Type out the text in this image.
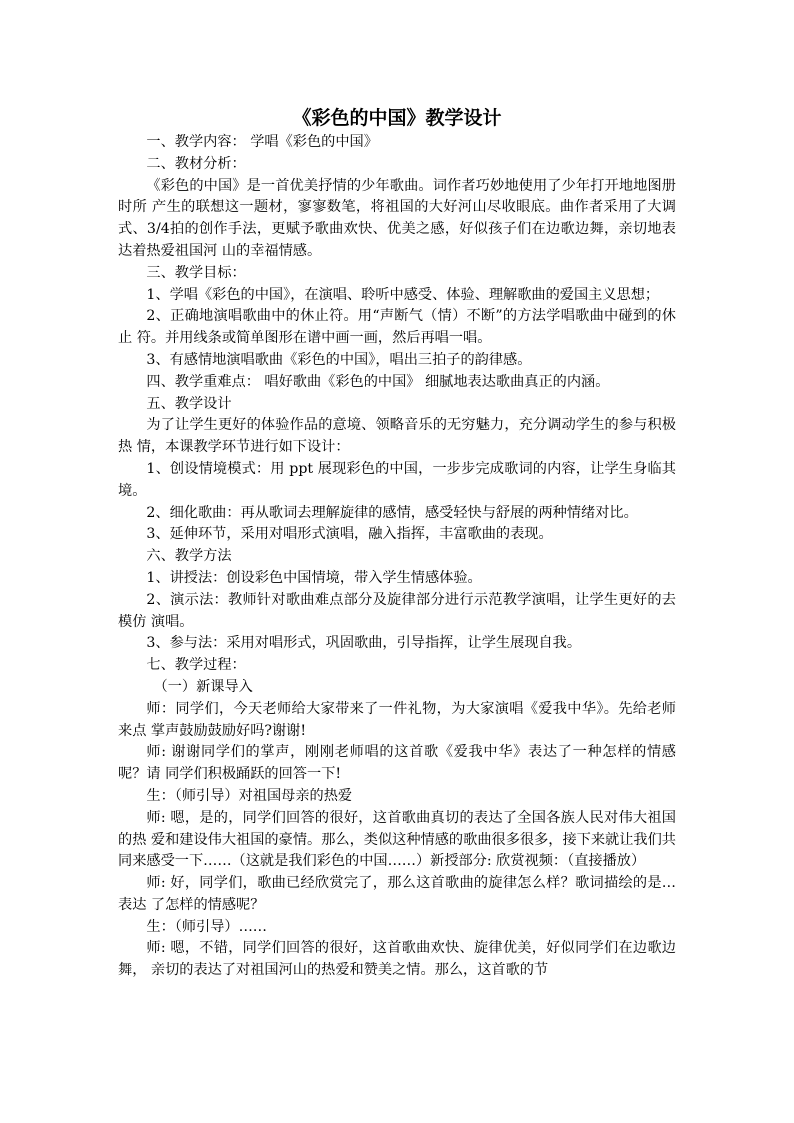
《彩色的中国》教学设计

一、教学内容： 学唱《彩色的中国》

二、教材分析：

《彩色的中国》是一首优美抒情的少年歌曲。词作者巧妙地使用了少年打开地地图册时所 产生的联想这一题材，寥寥数笔，将祖国的大好河山尽收眼底。曲作者采用了大调式、3/4拍的创作手法，更赋予歌曲欢快、优美之感，好似孩子们在边歌边舞，亲切地表达着热爱祖国河 山的幸福情感。

三、教学目标：

1、学唱《彩色的中国》，在演唱、聆听中感受、体验、理解歌曲的爱国主义思想；

2、正确地演唱歌曲中的休止符。用“声断气（情）不断”的方法学唱歌曲中碰到的休止 符。并用线条或简单图形在谱中画一画，然后再唱一唱。

3、有感情地演唱歌曲《彩色的中国》，唱出三拍子的韵律感。

四、教学重难点： 唱好歌曲《彩色的中国》 细腻地表达歌曲真正的内涵。

五、教学设计

为了让学生更好的体验作品的意境、领略音乐的无穷魅力，充分调动学生的参与积极热 情，本课教学环节进行如下设计：

1、创设情境模式：用 ppt 展现彩色的中国，一步步完成歌词的内容，让学生身临其境。

2、细化歌曲：再从歌词去理解旋律的感情，感受轻快与舒展的两种情绪对比。

3、延伸环节，采用对唱形式演唱，融入指挥，丰富歌曲的表现。

六、教学方法

1、讲授法：创设彩色中国情境，带入学生情感体验。

2、演示法：教师针对歌曲难点部分及旋律部分进行示范教学演唱，让学生更好的去模仿 演唱。

3、参与法：采用对唱形式，巩固歌曲，引导指挥，让学生展现自我。

七、教学过程：

（一）新课导入

师：同学们，今天老师给大家带来了一件礼物，为大家演唱《爱我中华》。先给老师来点 掌声鼓励鼓励好吗?谢谢!

师: 谢谢同学们的掌声，刚刚老师唱的这首歌《爱我中华》表达了一种怎样的情感呢？请 同学们积极踊跃的回答一下!

生：（师引导）对祖国母亲的热爱

师: 嗯，是的，同学们回答的很好，这首歌曲真切的表达了全国各族人民对伟大祖国的热 爱和建设伟大祖国的豪情。那么，类似这种情感的歌曲很多很多，接下来就让我们共同来感受一下……（这就是我们彩色的中国……）新授部分: 欣赏视频：（直接播放）

师: 好，同学们，歌曲已经欣赏完了，那么这首歌曲的旋律怎么样？歌词描绘的是…表达 了怎样的情感呢？

生：（师引导）……

师: 嗯，不错，同学们回答的很好，这首歌曲欢快、旋律优美，好似同学们在边歌边舞， 亲切的表达了对祖国河山的热爱和赞美之情。那么，这首歌的节
